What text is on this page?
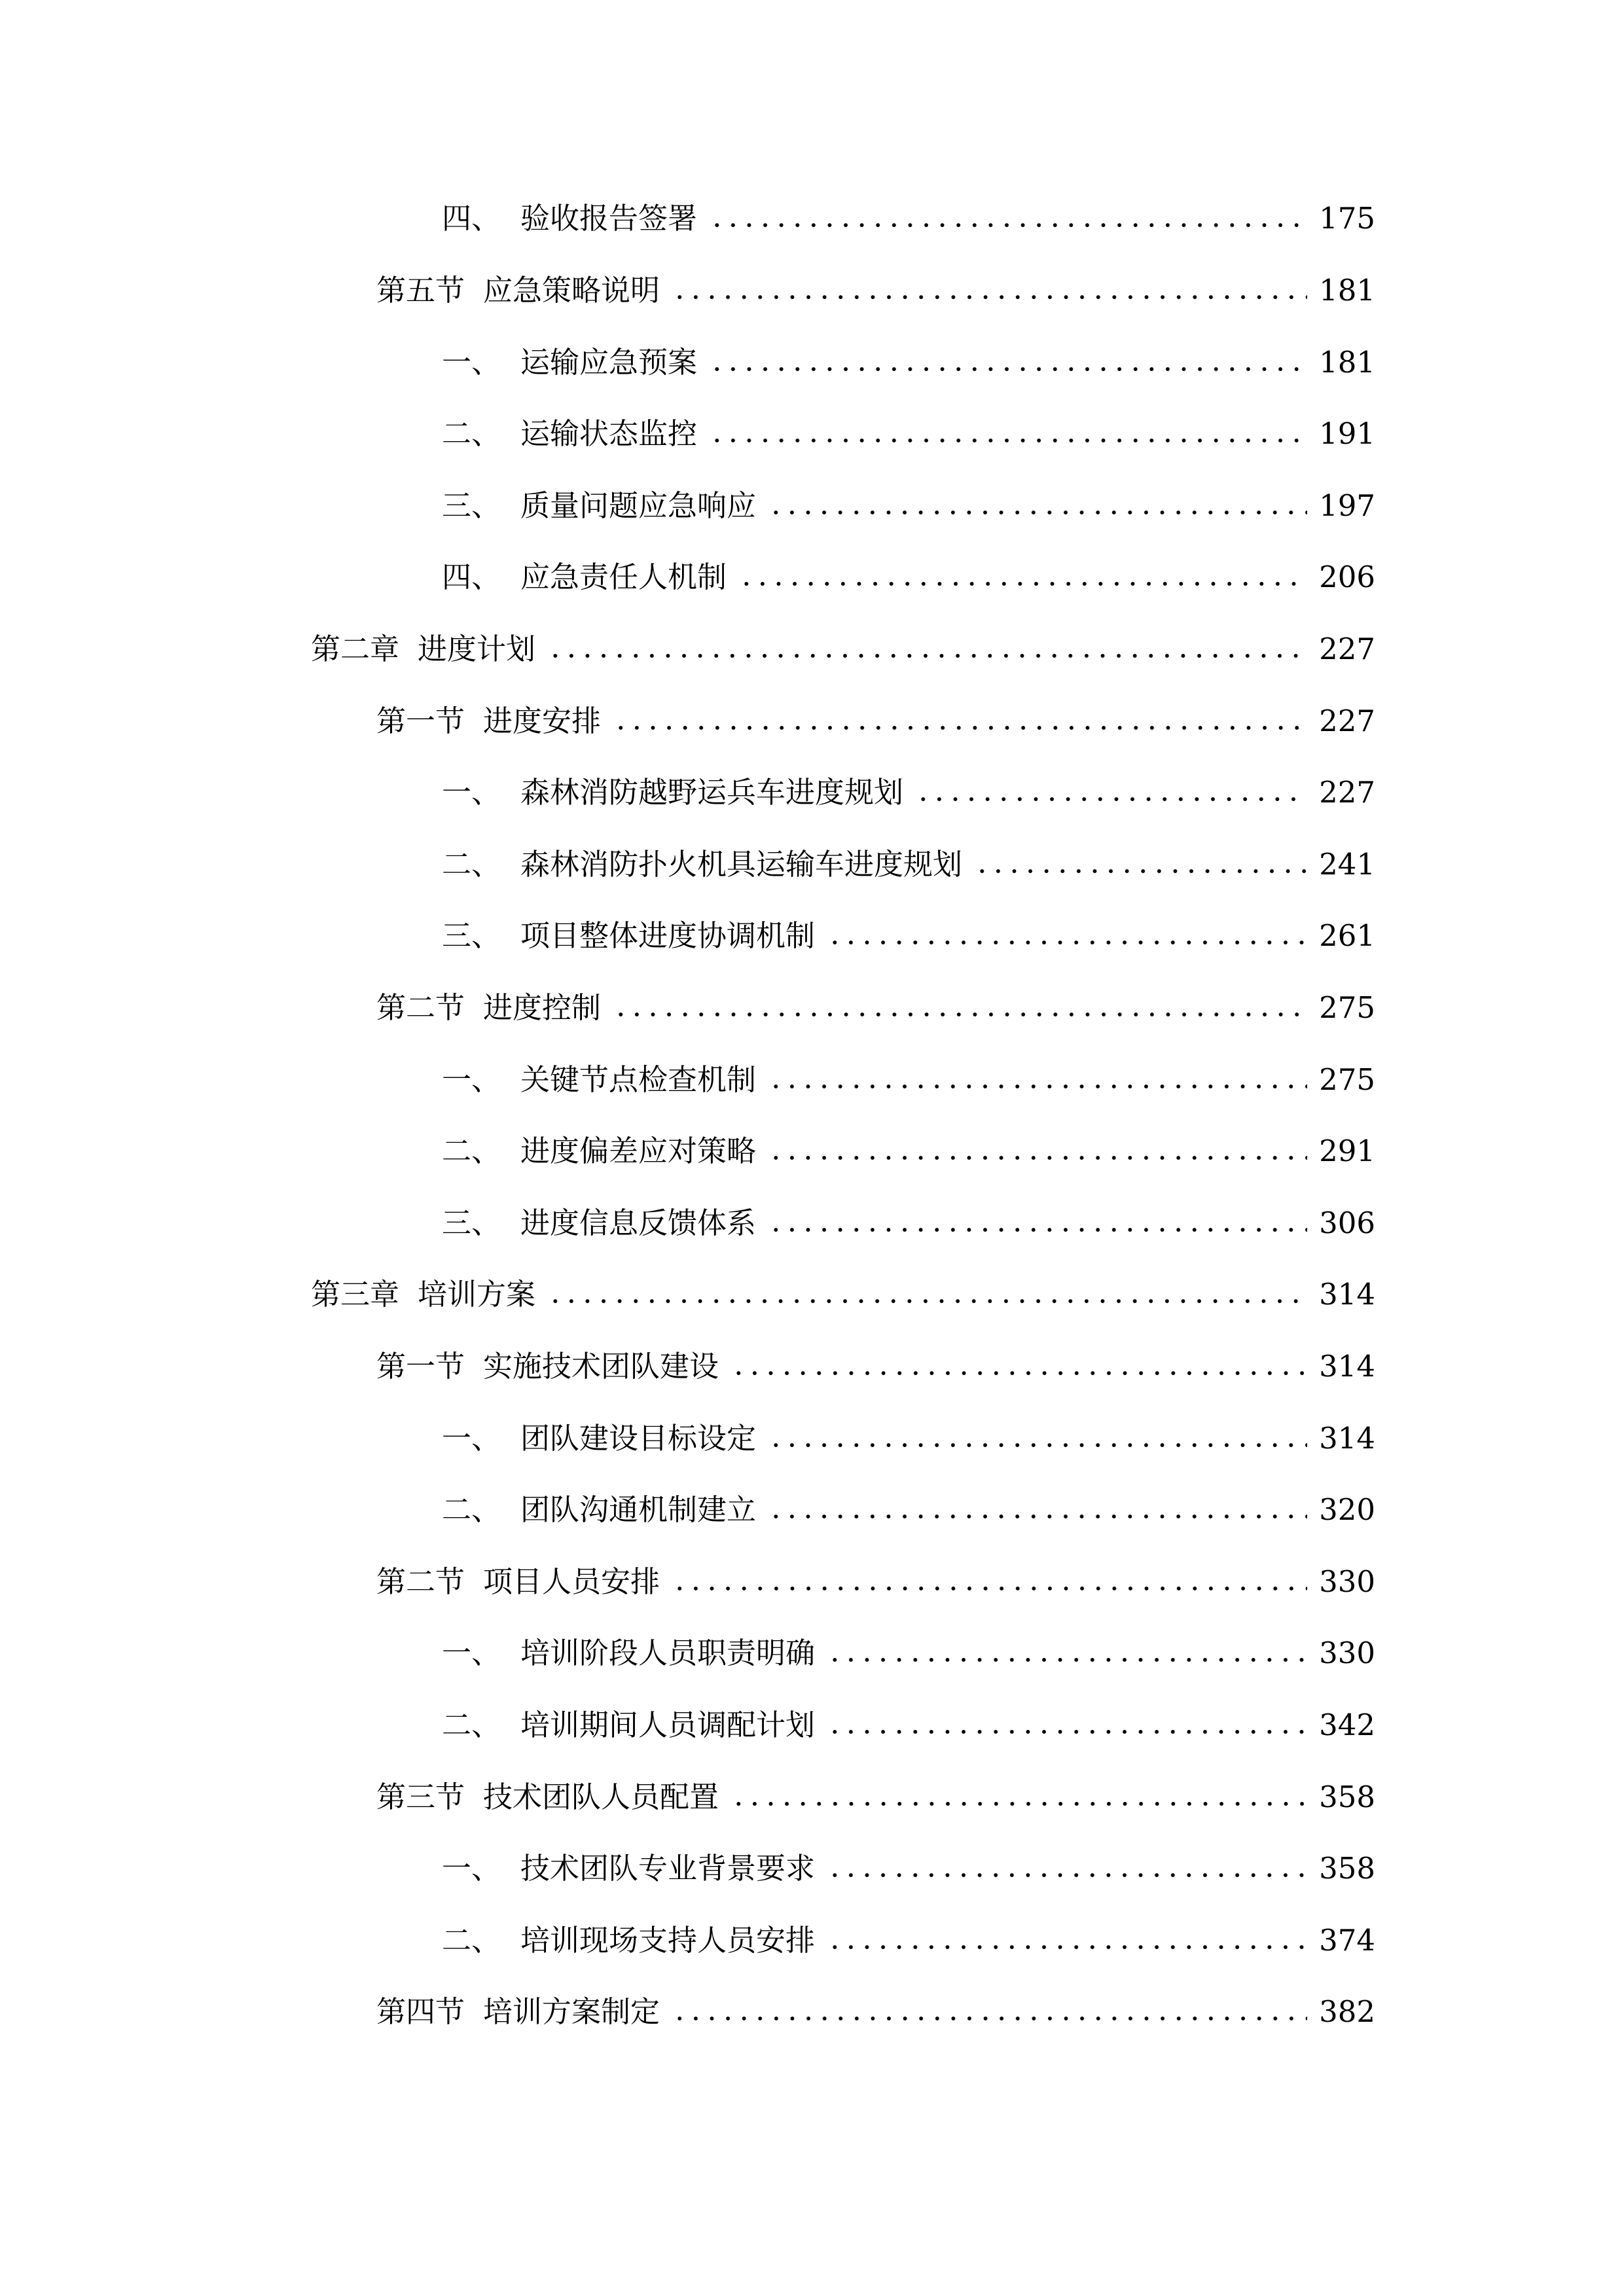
四、 验收报告签署	175
第五节 应急策略说明	181
一、 运输应急预案	181
二、 运输状态监控	191
三、 质量问题应急响应	197
四、 应急责任人机制	206
第二章 进度计划	227
第一节 进度安排	227
一、 森林消防越野运兵车进度规划	227
二、 森林消防扑火机具运输车进度规划	241
三、 项目整体进度协调机制	261
第二节 进度控制	275
一、 关键节点检查机制	275
二、 进度偏差应对策略	291
三、 进度信息反馈体系	306
第三章 培训方案	314
第一节 实施技术团队建设	314
一、 团队建设目标设定	314
二、 团队沟通机制建立	320
第二节 项目人员安排	330
一、 培训阶段人员职责明确	330
二、 培训期间人员调配计划	342
第三节 技术团队人员配置	358
一、 技术团队专业背景要求	358
二、 培训现场支持人员安排	374
第四节 培训方案制定	382
